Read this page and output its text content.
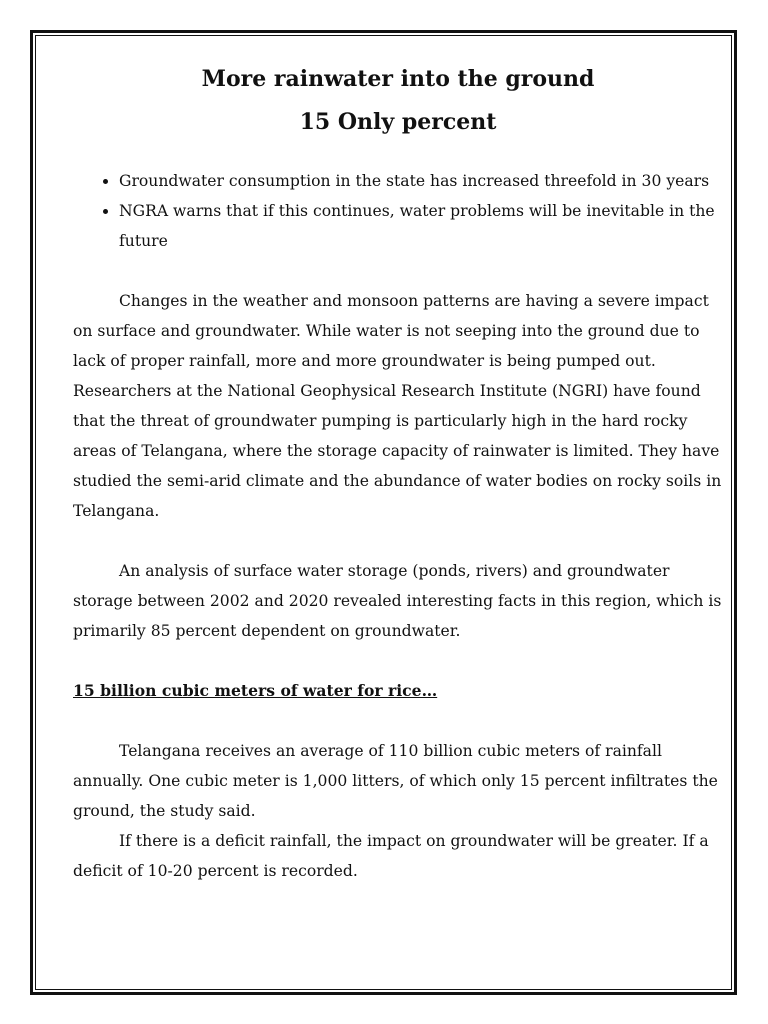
More rainwater into the ground

15 Only percent

• Groundwater consumption in the state has increased threefold in 30 years
• NGRA warns that if this continues, water problems will be inevitable in the future

Changes in the weather and monsoon patterns are having a severe impact on surface and groundwater. While water is not seeping into the ground due to lack of proper rainfall, more and more groundwater is being pumped out. Researchers at the National Geophysical Research Institute (NGRI) have found that the threat of groundwater pumping is particularly high in the hard rocky areas of Telangana, where the storage capacity of rainwater is limited. They have studied the semi-arid climate and the abundance of water bodies on rocky soils in Telangana.

An analysis of surface water storage (ponds, rivers) and groundwater storage between 2002 and 2020 revealed interesting facts in this region, which is primarily 85 percent dependent on groundwater.

15 billion cubic meters of water for rice…

Telangana receives an average of 110 billion cubic meters of rainfall annually. One cubic meter is 1,000 litters, of which only 15 percent infiltrates the ground, the study said.

If there is a deficit rainfall, the impact on groundwater will be greater. If a deficit of 10-20 percent is recorded.
